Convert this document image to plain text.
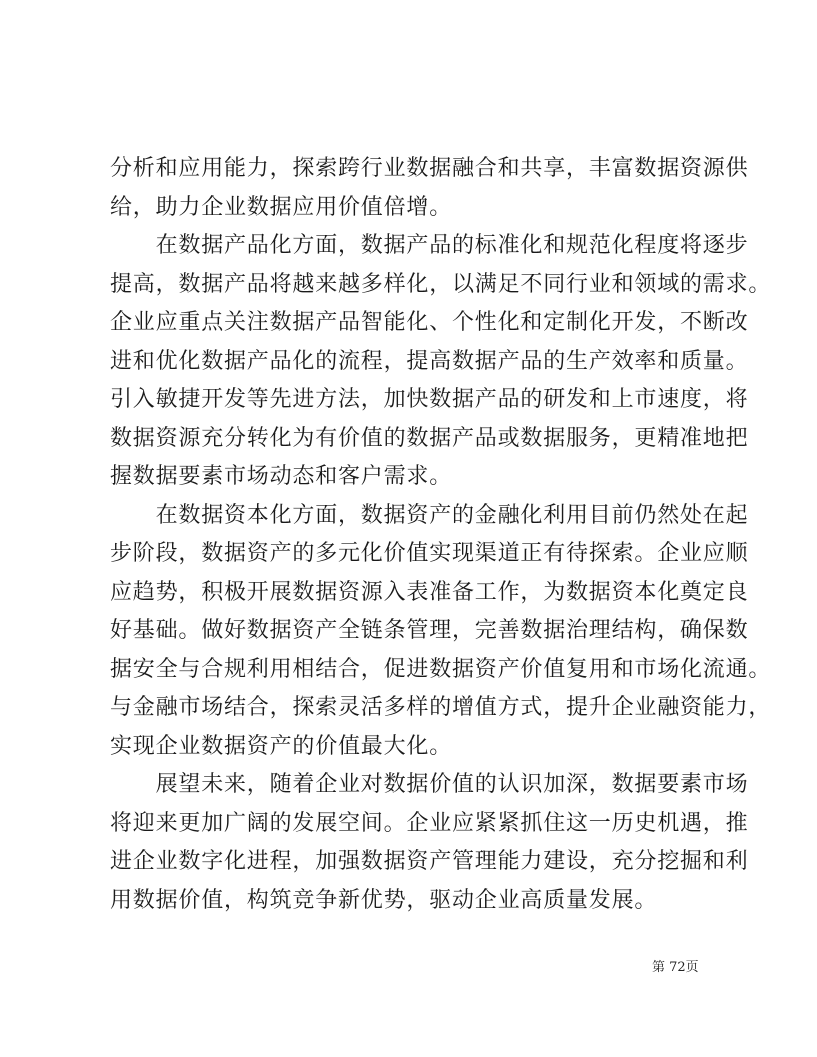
分析和应用能力，探索跨行业数据融合和共享，丰富数据资源供
给，助力企业数据应用价值倍增。
　　在数据产品化方面，数据产品的标准化和规范化程度将逐步
提高，数据产品将越来越多样化，以满足不同行业和领域的需求。
企业应重点关注数据产品智能化、个性化和定制化开发，不断改
进和优化数据产品化的流程，提高数据产品的生产效率和质量。
引入敏捷开发等先进方法，加快数据产品的研发和上市速度，将
数据资源充分转化为有价值的数据产品或数据服务，更精准地把
握数据要素市场动态和客户需求。
　　在数据资本化方面，数据资产的金融化利用目前仍然处在起
步阶段，数据资产的多元化价值实现渠道正有待探索。企业应顺
应趋势，积极开展数据资源入表准备工作，为数据资本化奠定良
好基础。做好数据资产全链条管理，完善数据治理结构，确保数
据安全与合规利用相结合，促进数据资产价值复用和市场化流通。
与金融市场结合，探索灵活多样的增值方式，提升企业融资能力，
实现企业数据资产的价值最大化。
　　展望未来，随着企业对数据价值的认识加深，数据要素市场
将迎来更加广阔的发展空间。企业应紧紧抓住这一历史机遇，推
进企业数字化进程，加强数据资产管理能力建设，充分挖掘和利
用数据价值，构筑竞争新优势，驱动企业高质量发展。
第 72页
